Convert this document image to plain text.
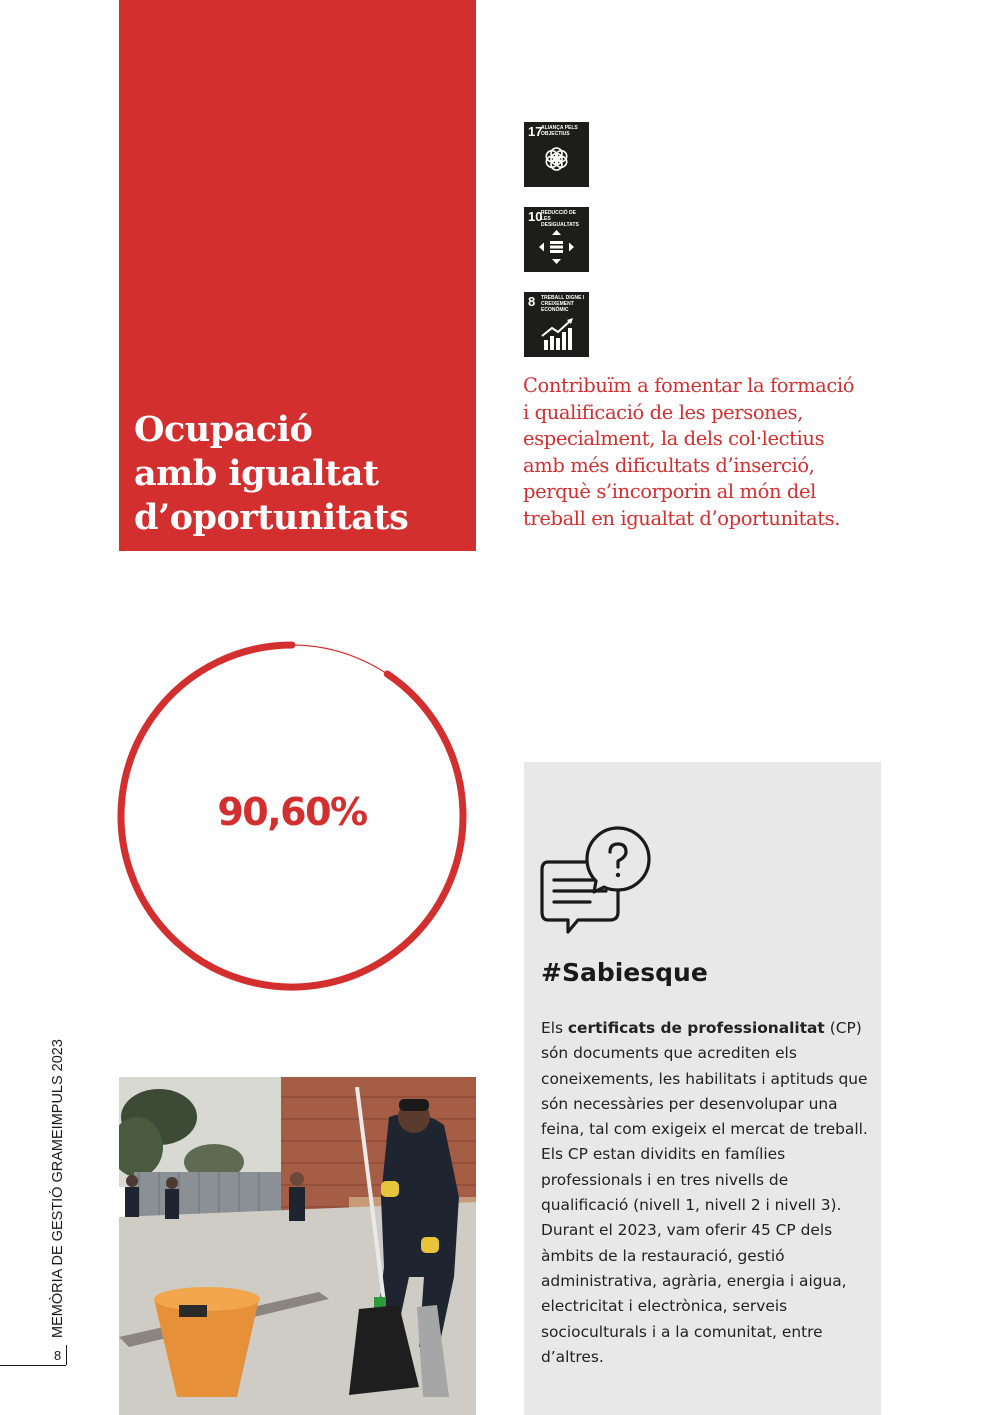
Ocupació
amb igualtat
d’oportunitats
17
ALIANÇA PELS OBJECTIUS
10
REDUCCIÓ DE LES DESIGUALTATS
8 TREBALL DIGNE I CREIXEMENT ECONÒMIC

Contribuïm a fomentar la formació i qualificació de les persones, especialment, la dels col·lectius amb més dificultats d’inserció, perquè s’incorporin al món del treball en igualtat d’oportunitats.

90,60%
#Sabiesque

Els certificats de professionalitat (CP) són documents que acrediten els coneixements, les habilitats i aptituds que són necessàries per desenvolupar una feina, tal com exigeix el mercat de treball. Els CP estan dividits en famílies professionals i en tres nivells de qualificació (nivell 1, nivell 2 i nivell 3). Durant el 2023, vam oferir 45 CP dels àmbits de la restauració, gestió administrativa, agrària, energia i aigua, electricitat i electrònica, serveis socioculturals i a la comunitat, entre d’altres.

MEMÒRIA DE GESTIÓ GRAMEIMPULS 2023
8
